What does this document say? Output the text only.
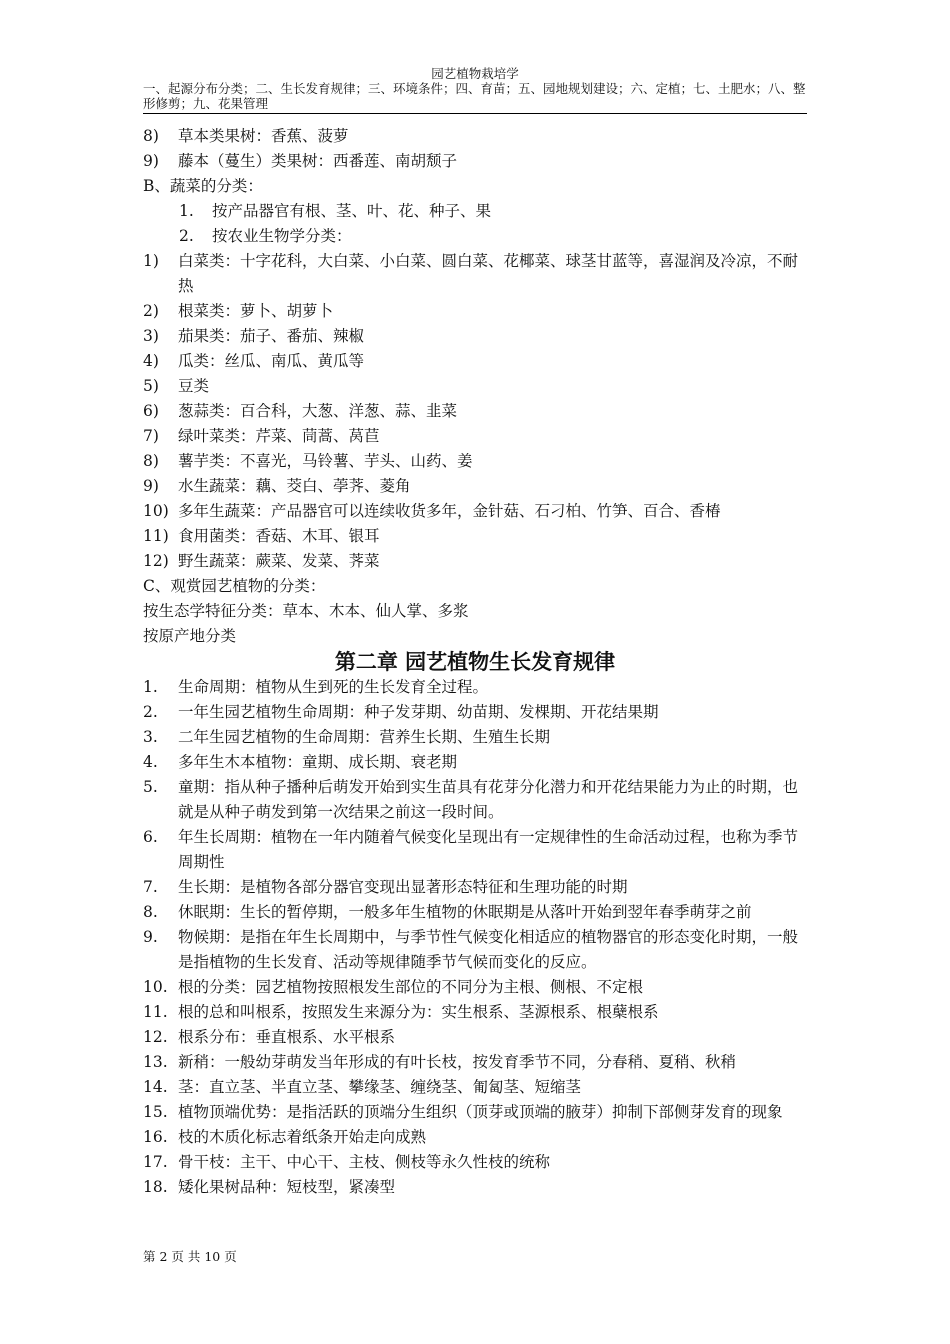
园艺植物栽培学
一、起源分布分类；二、生长发育规律；三、环境条件；四、育苗；五、园地规划建设；六、定植；七、土肥水；八、整形修剪；九、花果管理
8)	草本类果树：香蕉、菠萝
9)	藤本（蔓生）类果树：西番莲、南胡颓子
B、蔬菜的分类：
1.	按产品器官有根、茎、叶、花、种子、果
2.	按农业生物学分类：
1)	白菜类：十字花科，大白菜、小白菜、圆白菜、花椰菜、球茎甘蓝等，喜湿润及冷凉，不耐热
2)	根菜类：萝卜、胡萝卜
3)	茄果类：茄子、番茄、辣椒
4)	瓜类：丝瓜、南瓜、黄瓜等
5)	豆类
6)	葱蒜类：百合科，大葱、洋葱、蒜、韭菜
7)	绿叶菜类：芹菜、茼蒿、莴苣
8)	薯芋类：不喜光，马铃薯、芋头、山药、姜
9)	水生蔬菜：藕、茭白、荸荠、菱角
10) 多年生蔬菜：产品器官可以连续收货多年，金针菇、石刁柏、竹笋、百合、香椿
11) 食用菌类：香菇、木耳、银耳
12) 野生蔬菜：蕨菜、发菜、荠菜
C、观赏园艺植物的分类：
按生态学特征分类：草本、木本、仙人掌、多浆
按原产地分类
第二章 园艺植物生长发育规律
1.	生命周期：植物从生到死的生长发育全过程。
2.	一年生园艺植物生命周期：种子发芽期、幼苗期、发棵期、开花结果期
3.	二年生园艺植物的生命周期：营养生长期、生殖生长期
4.	多年生木本植物：童期、成长期、衰老期
5.	童期：指从种子播种后萌发开始到实生苗具有花芽分化潜力和开花结果能力为止的时期，也就是从种子萌发到第一次结果之前这一段时间。
6.	年生长周期：植物在一年内随着气候变化呈现出有一定规律性的生命活动过程，也称为季节周期性
7.	生长期：是植物各部分器官变现出显著形态特征和生理功能的时期
8.	休眠期：生长的暂停期，一般多年生植物的休眠期是从落叶开始到翌年春季萌芽之前
9.	物候期：是指在年生长周期中，与季节性气候变化相适应的植物器官的形态变化时期，一般是指植物的生长发育、活动等规律随季节气候而变化的反应。
10. 根的分类：园艺植物按照根发生部位的不同分为主根、侧根、不定根
11. 根的总和叫根系，按照发生来源分为：实生根系、茎源根系、根蘖根系
12. 根系分布：垂直根系、水平根系
13. 新稍：一般幼芽萌发当年形成的有叶长枝，按发育季节不同，分春稍、夏稍、秋稍
14. 茎：直立茎、半直立茎、攀缘茎、缠绕茎、匍匐茎、短缩茎
15. 植物顶端优势：是指活跃的顶端分生组织（顶芽或顶端的腋芽）抑制下部侧芽发育的现象
16. 枝的木质化标志着纸条开始走向成熟
17. 骨干枝：主干、中心干、主枝、侧枝等永久性枝的统称
18. 矮化果树品种：短枝型，紧凑型
第 2 页 共 10 页
